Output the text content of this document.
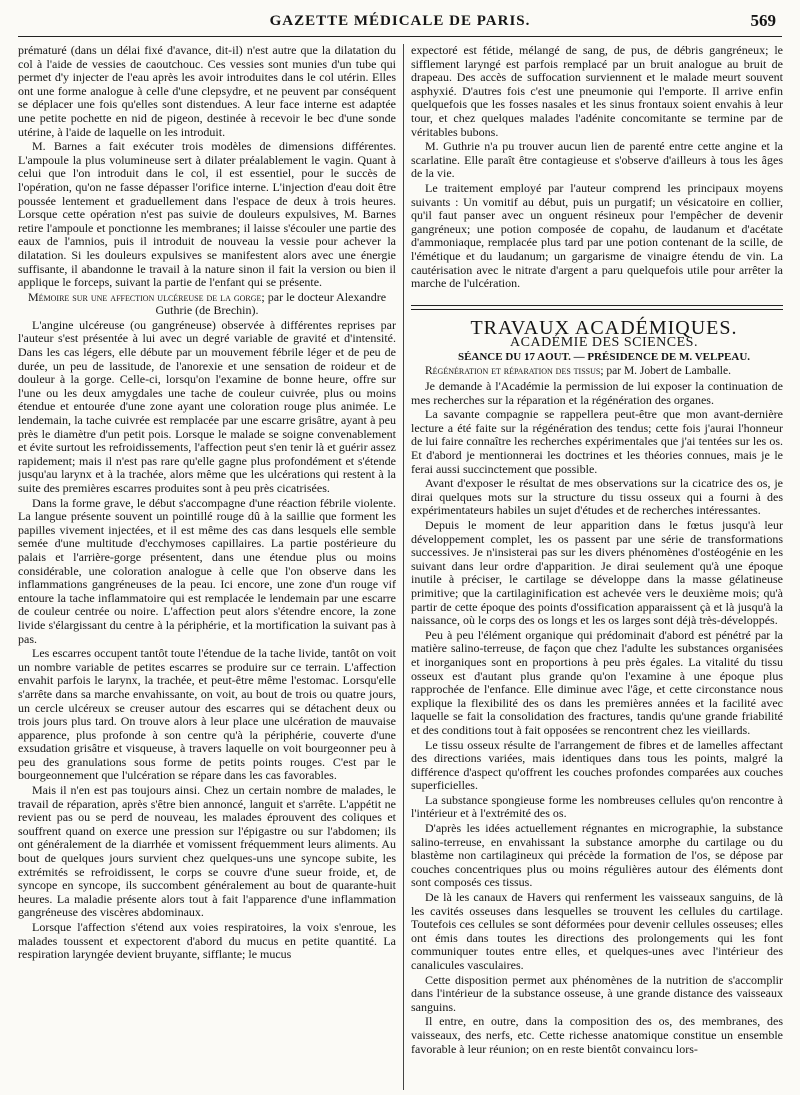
GAZETTE MÉDICALE DE PARIS.	569

prématuré (dans un délai fixé d'avance, dit-il) n'est autre que la dilatation du col à l'aide de vessies de caoutchouc. Ces vessies sont munies d'un tube qui permet d'y injecter de l'eau après les avoir introduites dans le col utérin. Elles ont une forme analogue à celle d'une clepsydre, et ne peuvent par conséquent se déplacer une fois qu'elles sont distendues. A leur face interne est adaptée une petite pochette en nid de pigeon, destinée à recevoir le bec d'une sonde utérine, à l'aide de laquelle on les introduit.

M. Barnes a fait exécuter trois modèles de dimensions différentes. L'ampoule la plus volumineuse sert à dilater préalablement le vagin. Quant à celui que l'on introduit dans le col, il est essentiel, pour le succès de l'opération, qu'on ne fasse dépasser l'orifice interne. L'injection d'eau doit être poussée lentement et graduellement dans l'espace de deux à trois heures. Lorsque cette opération n'est pas suivie de douleurs expulsives, M. Barnes retire l'ampoule et ponctionne les membranes; il laisse s'écouler une partie des eaux de l'amnios, puis il introduit de nouveau la vessie pour achever la dilatation. Si les douleurs expulsives se manifestent alors avec une énergie suffisante, il abandonne le travail à la nature sinon il fait la version ou bien il applique le forceps, suivant la partie de l'enfant qui se présente.

Mémoire sur une affection ulcéreuse de la gorge; par le docteur Alexandre Guthrie (de Brechin).

L'angine ulcéreuse (ou gangréneuse) observée à différentes reprises par l'auteur s'est présentée à lui avec un degré variable de gravité et d'intensité. Dans les cas légers, elle débute par un mouvement fébrile léger et de peu de durée, un peu de lassitude, de l'anorexie et une sensation de roideur et de douleur à la gorge. Celle-ci, lorsqu'on l'examine de bonne heure, offre sur l'une ou les deux amygdales une tache de couleur cuivrée, plus ou moins étendue et entourée d'une zone ayant une coloration rouge plus animée. Le lendemain, la tache cuivrée est remplacée par une escarre grisâtre, ayant à peu près le diamètre d'un petit pois. Lorsque le malade se soigne convenablement et évite surtout les refroidissements, l'affection peut s'en tenir là et guérir assez rapidement; mais il n'est pas rare qu'elle gagne plus profondément et s'étende jusqu'au larynx et à la trachée, alors même que les ulcérations qui restent à la suite des premières escarres produites sont à peu près cicatrisées.

Dans la forme grave, le début s'accompagne d'une réaction fébrile violente. La langue présente souvent un pointillé rouge dû à la saillie que forment les papilles vivement injectées, et il est même des cas dans lesquels elle semble semée d'une multitude d'ecchymoses capillaires. La partie postérieure du palais et l'arrière-gorge présentent, dans une étendue plus ou moins considérable, une coloration analogue à celle que l'on observe dans les inflammations gangréneuses de la peau. Ici encore, une zone d'un rouge vif entoure la tache inflammatoire qui est remplacée le lendemain par une escarre de couleur centrée ou noire. L'affection peut alors s'étendre encore, la zone livide s'élargissant du centre à la périphérie, et la mortification la suivant pas à pas.

Les escarres occupent tantôt toute l'étendue de la tache livide, tantôt on voit un nombre variable de petites escarres se produire sur ce terrain. L'affection envahit parfois le larynx, la trachée, et peut-être même l'estomac. Lorsqu'elle s'arrête dans sa marche envahissante, on voit, au bout de trois ou quatre jours, un cercle ulcéreux se creuser autour des escarres qui se détachent deux ou trois jours plus tard. On trouve alors à leur place une ulcération de mauvaise apparence, plus profonde à son centre qu'à la périphérie, couverte d'une exsudation grisâtre et visqueuse, à travers laquelle on voit bourgeonner peu à peu des granulations sous forme de petits points rouges. C'est par le bourgeonnement que l'ulcération se répare dans les cas favorables.

Mais il n'en est pas toujours ainsi. Chez un certain nombre de malades, le travail de réparation, après s'être bien annoncé, languit et s'arrête. L'appétit ne revient pas ou se perd de nouveau, les malades éprouvent des coliques et souffrent quand on exerce une pression sur l'épigastre ou sur l'abdomen; ils ont généralement de la diarrhée et vomissent fréquemment leurs aliments. Au bout de quelques jours survient chez quelques-uns une syncope subite, les extrémités se refroidissent, le corps se couvre d'une sueur froide, et, de syncope en syncope, ils succombent généralement au bout de quarante-huit heures. La maladie présente alors tout à fait l'apparence d'une inflammation gangréneuse des viscères abdominaux.

Lorsque l'affection s'étend aux voies respiratoires, la voix s'enroue, les malades toussent et expectorent d'abord du mucus en petite quantité. La respiration laryngée devient bruyante, sifflante; le mucus

expectoré est fétide, mélangé de sang, de pus, de débris gangréneux; le sifflement laryngé est parfois remplacé par un bruit analogue au bruit de drapeau. Des accès de suffocation surviennent et le malade meurt souvent asphyxié. D'autres fois c'est une pneumonie qui l'emporte. Il arrive enfin quelquefois que les fosses nasales et les sinus frontaux soient envahis à leur tour, et chez quelques malades l'adénite concomitante se termine par de véritables bubons.

M. Guthrie n'a pu trouver aucun lien de parenté entre cette angine et la scarlatine. Elle paraît être contagieuse et s'observe d'ailleurs à tous les âges de la vie.

Le traitement employé par l'auteur comprend les principaux moyens suivants : Un vomitif au début, puis un purgatif; un vésicatoire en collier, qu'il faut panser avec un onguent résineux pour l'empêcher de devenir gangréneux; une potion composée de copahu, de laudanum et d'acétate d'ammoniaque, remplacée plus tard par une potion contenant de la scille, de l'émétique et du laudanum; un gargarisme de vinaigre étendu de vin. La cautérisation avec le nitrate d'argent a paru quelquefois utile pour arrêter la marche de l'ulcération.

TRAVAUX ACADÉMIQUES.

ACADÉMIE DES SCIENCES.

SÉANCE DU 17 AOUT. — PRÉSIDENCE DE M. VELPEAU.

Régénération et réparation des tissus; par M. Jobert de Lamballe.

Je demande à l'Académie la permission de lui exposer la continuation de mes recherches sur la réparation et la régénération des organes.

La savante compagnie se rappellera peut-être que mon avant-dernière lecture a été faite sur la régénération des tendus; cette fois j'aurai l'honneur de lui faire connaître les recherches expérimentales que j'ai tentées sur les os. Et d'abord je mentionnerai les doctrines et les théories connues, mais je le ferai aussi succinctement que possible.

Avant d'exposer le résultat de mes observations sur la cicatrice des os, je dirai quelques mots sur la structure du tissu osseux qui a fourni à des expérimentateurs habiles un sujet d'études et de recherches intéressantes.

Depuis le moment de leur apparition dans le fœtus jusqu'à leur développement complet, les os passent par une série de transformations successives. Je n'insisterai pas sur les divers phénomènes d'ostéogénie en les suivant dans leur ordre d'apparition. Je dirai seulement qu'à une époque inutile à préciser, le cartilage se développe dans la masse gélatineuse primitive; que la cartilaginification est achevée vers le deuxième mois; qu'à partir de cette époque des points d'ossification apparaissent çà et là jusqu'à la naissance, où le corps des os longs et les os larges sont déjà très-développés.

Peu à peu l'élément organique qui prédominait d'abord est pénétré par la matière salino-terreuse, de façon que chez l'adulte les substances organisées et inorganiques sont en proportions à peu près égales. La vitalité du tissu osseux est d'autant plus grande qu'on l'examine à une époque plus rapprochée de l'enfance. Elle diminue avec l'âge, et cette circonstance nous explique la flexibilité des os dans les premières années et la facilité avec laquelle se fait la consolidation des fractures, tandis qu'une grande friabilité et des conditions tout à fait opposées se rencontrent chez les vieillards.

Le tissu osseux résulte de l'arrangement de fibres et de lamelles affectant des directions variées, mais identiques dans tous les points, malgré la différence d'aspect qu'offrent les couches profondes comparées aux couches superficielles.

La substance spongieuse forme les nombreuses cellules qu'on rencontre à l'intérieur et à l'extrémité des os.

D'après les idées actuellement régnantes en micrographie, la substance salino-terreuse, en envahissant la substance amorphe du cartilage ou du blastème non cartilagineux qui précède la formation de l'os, se dépose par couches concentriques plus ou moins régulières autour des éléments dont sont composés ces tissus.

De là les canaux de Havers qui renferment les vaisseaux sanguins, de là les cavités osseuses dans lesquelles se trouvent les cellules du cartilage. Toutefois ces cellules se sont déformées pour devenir cellules osseuses; elles ont émis dans toutes les directions des prolongements qui les font communiquer toutes entre elles, et quelques-unes avec l'intérieur des canalicules vasculaires.

Cette disposition permet aux phénomènes de la nutrition de s'accomplir dans l'intérieur de la substance osseuse, à une grande distance des vaisseaux sanguins.

Il entre, en outre, dans la composition des os, des membranes, des vaisseaux, des nerfs, etc. Cette richesse anatomique constitue un ensemble favorable à leur réunion; on en reste bientôt convaincu lors-
